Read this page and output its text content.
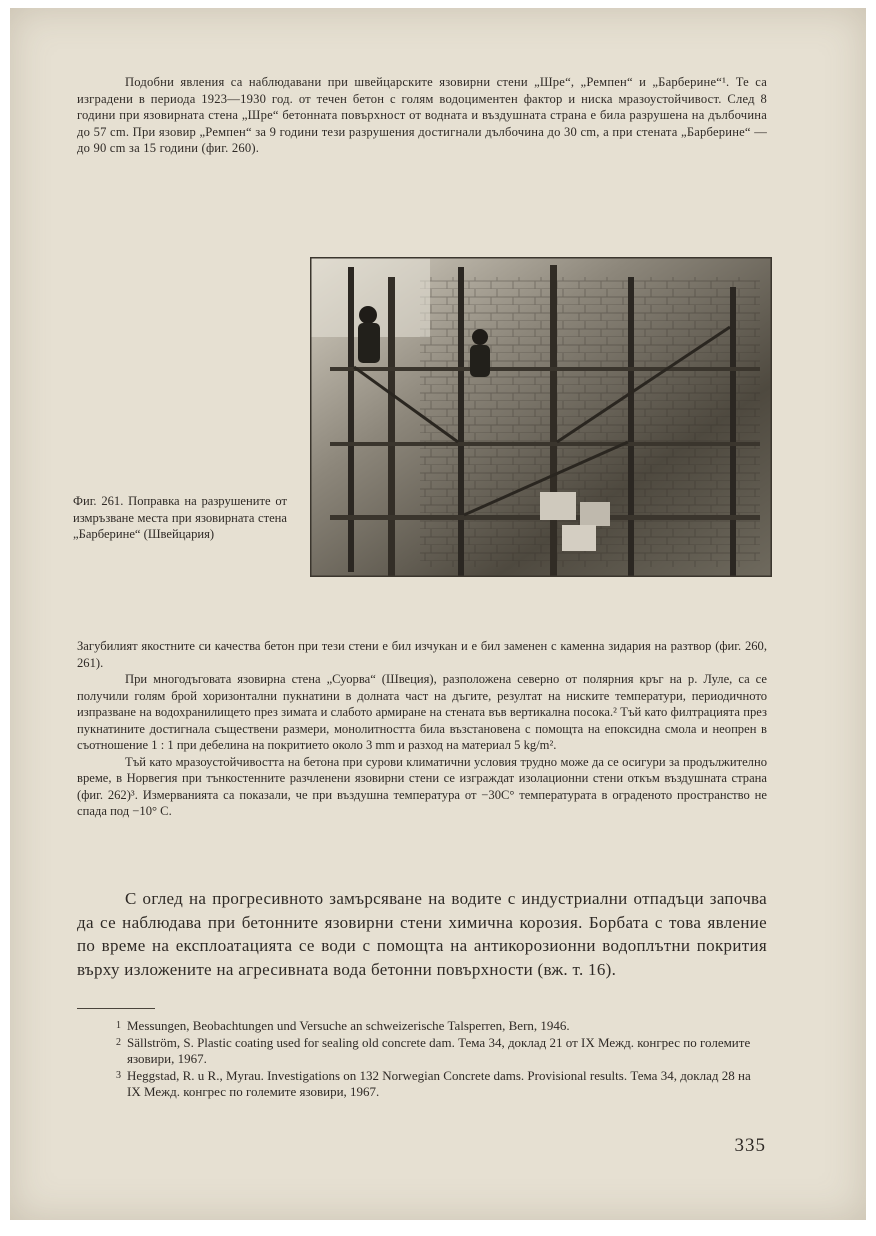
Подобни явления са наблюдавани при швейцарските язовирни стени „Шре“, „Ремпен“ и „Барберине“¹. Те са изградени в периода 1923—1930 год. от течен бетон с голям водоциментен фактор и ниска мразоустойчивост. След 8 години при язовирната стена „Шре“ бетонната повърхност от водната и въздушната страна е била разрушена на дълбочина до 57 cm. При язовир „Ремпен“ за 9 години тези разрушения достигнали дълбочина до 30 cm, а при стената „Барберине“ — до 90 cm за 15 години (фиг. 260).
Фиг. 261. Поправка на разрушените от измръзване места при язовирната стена „Барберине“ (Швейцария)

Загубилият якостните си качества бетон при тези стени е бил изчукан и е бил заменен с каменна зидария на разтвор (фиг. 260, 261).

При многодъговата язовирна стена „Суорва“ (Швеция), разположена северно от полярния кръг на р. Луле, са се получили голям брой хоризонтални пукнатини в долната част на дъгите, резултат на ниските температури, периодичното изпразване на водохранилището през зимата и слабото армиране на стената във вертикална посока.² Тъй като филтрацията през пукнатините достигнала съществени размери, монолитността била възстановена с помощта на епоксидна смола и неопрен в съотношение 1 : 1 при дебелина на покритието около 3 mm и разход на материал 5 kg/m².

Тъй като мразоустойчивостта на бетона при сурови климатични условия трудно може да се осигури за продължително време, в Норвегия при тънкостенните разчленени язовирни стени се изграждат изолационни стени откъм въздушната страна (фиг. 262)³. Измерванията са показали, че при въздушна температура от −30C° температурата в оградeното пространство не спада под −10° C.

С оглед на прогресивното замърсяване на водите с индустриални отпадъци започва да се наблюдава при бетонните язовирни стени химична корозия. Борбата с това явление по време на експлоатацията се води с помощта на антикорозионни водоплътни покрития върху изложените на агресивната вода бетонни повърхности (вж. т. 16).
1 Messungen, Beobachtungen und Versuche an schweizerische Talsperren, Bern, 1946.
2 Sällström, S. Plastic coating used for sealing old concrete dam. Тема 34, доклад 21 от IX Межд. конгрес по големите язовири, 1967.
3 Heggstad, R. u R., Myrau. Investigations on 132 Norwegian Concrete dams. Provisional results. Тема 34, доклад 28 на IX Межд. конгрес по големите язовири, 1967.
335
